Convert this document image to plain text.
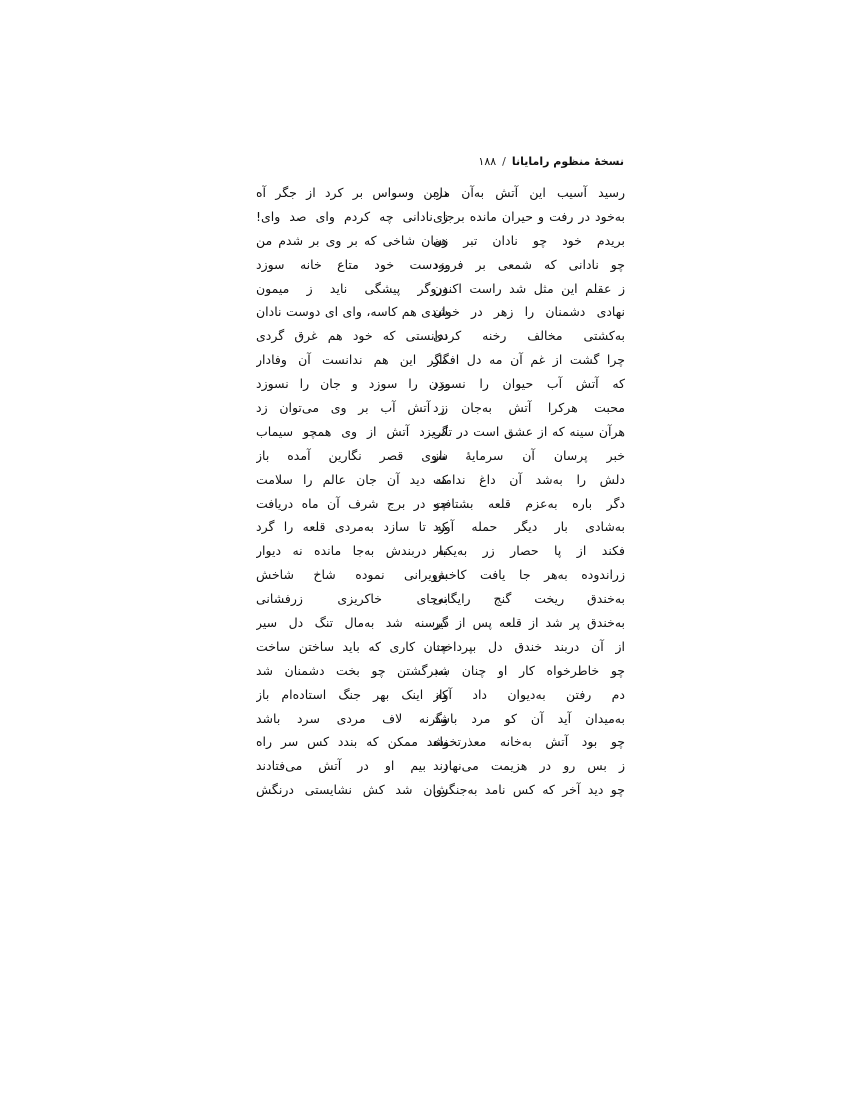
نسخهٔ منظوم رامایانا
/
۱۸۸
رسید آسیب این آتش به‌آن ماه
به‌خود در رفت و حیران مانده برجای
بریدم خود چو نادان تبر زن
چو نادانی که شمعی بر فروزد
ز عقلم این مثل شد راست اکنون
نهادی دشمنان را زهر در خوان
به‌کشتی مخالف رخنه کردی
چرا گشت از غم آن مه دل افگار
که آتش آب حیوان را نسوزد
محبت هرکرا آتش به‌جان زد
هرآن سینه که از عشق است در تاب
خبر پرسان آن سرمایهٔ ناز
دلش را به‌شد آن داغ ندامت
دگر باره به‌عزم قلعه بشتافت
به‌شادی بار دیگر حمله آورد
فکند از پا حصار زر به‌یکبار
زراندوده به‌هر جا یافت کاخش
به‌خندق ریخت گنج رایگانی
به‌خندق پر شد از قلعه پس از دیر
از آن دربند خندق دل بپرداخت
چو خاطرخواه کار او چنان شد
دم رفتن به‌دیوان داد آواز
به‌میدان آید آن کو مرد باشد
چو بود آتش به‌خانه معذرتخواه
ز بس رو در هزیمت می‌نهادند
چو دید آخر که کس نامد به‌جنگش
دربن وسواس بر کرد از جگر آه
ز نادانی چه کردم وای صد وای!
همان شاخی که بر وی بر شدم من
به‌دست خود متاع خانه سوزد
دروگر پیشگی ناید ز میمون
شدی هم کاسه، وای ای دوست نادان
ندانستی که خود هم غرق گردی
مگر این هم ندانست آن وفادار
بدن را سوزد و جان را نسوزد
ز آتش آب بر وی می‌توان زد
گریزد آتش از وی همچو سیماب
سوی قصر نگارین آمده باز
که دید آن جان عالم را سلامت
چو در برج شرف آن ماه دریافت
که تا سازد به‌مردی قلعه را گرد
نه دربندش به‌جا مانده نه دیوار
به‌ویرانی نموده شاخ شاخش
به‌جای خاکریزی زرفشانی
گرسنه شد به‌مال تنگ دل سیر
چنان کاری که باید ساختن ساخت
به‌برگشتن چو بخت دشمنان شد
که اینک بهر جنگ استاده‌ام باز
وگرنه لاف مردی سرد باشد
نشد ممکن که بندد کس سر راه
ز بیم او در آتش می‌فتادند
روان شد کش نشایستی درنگش
